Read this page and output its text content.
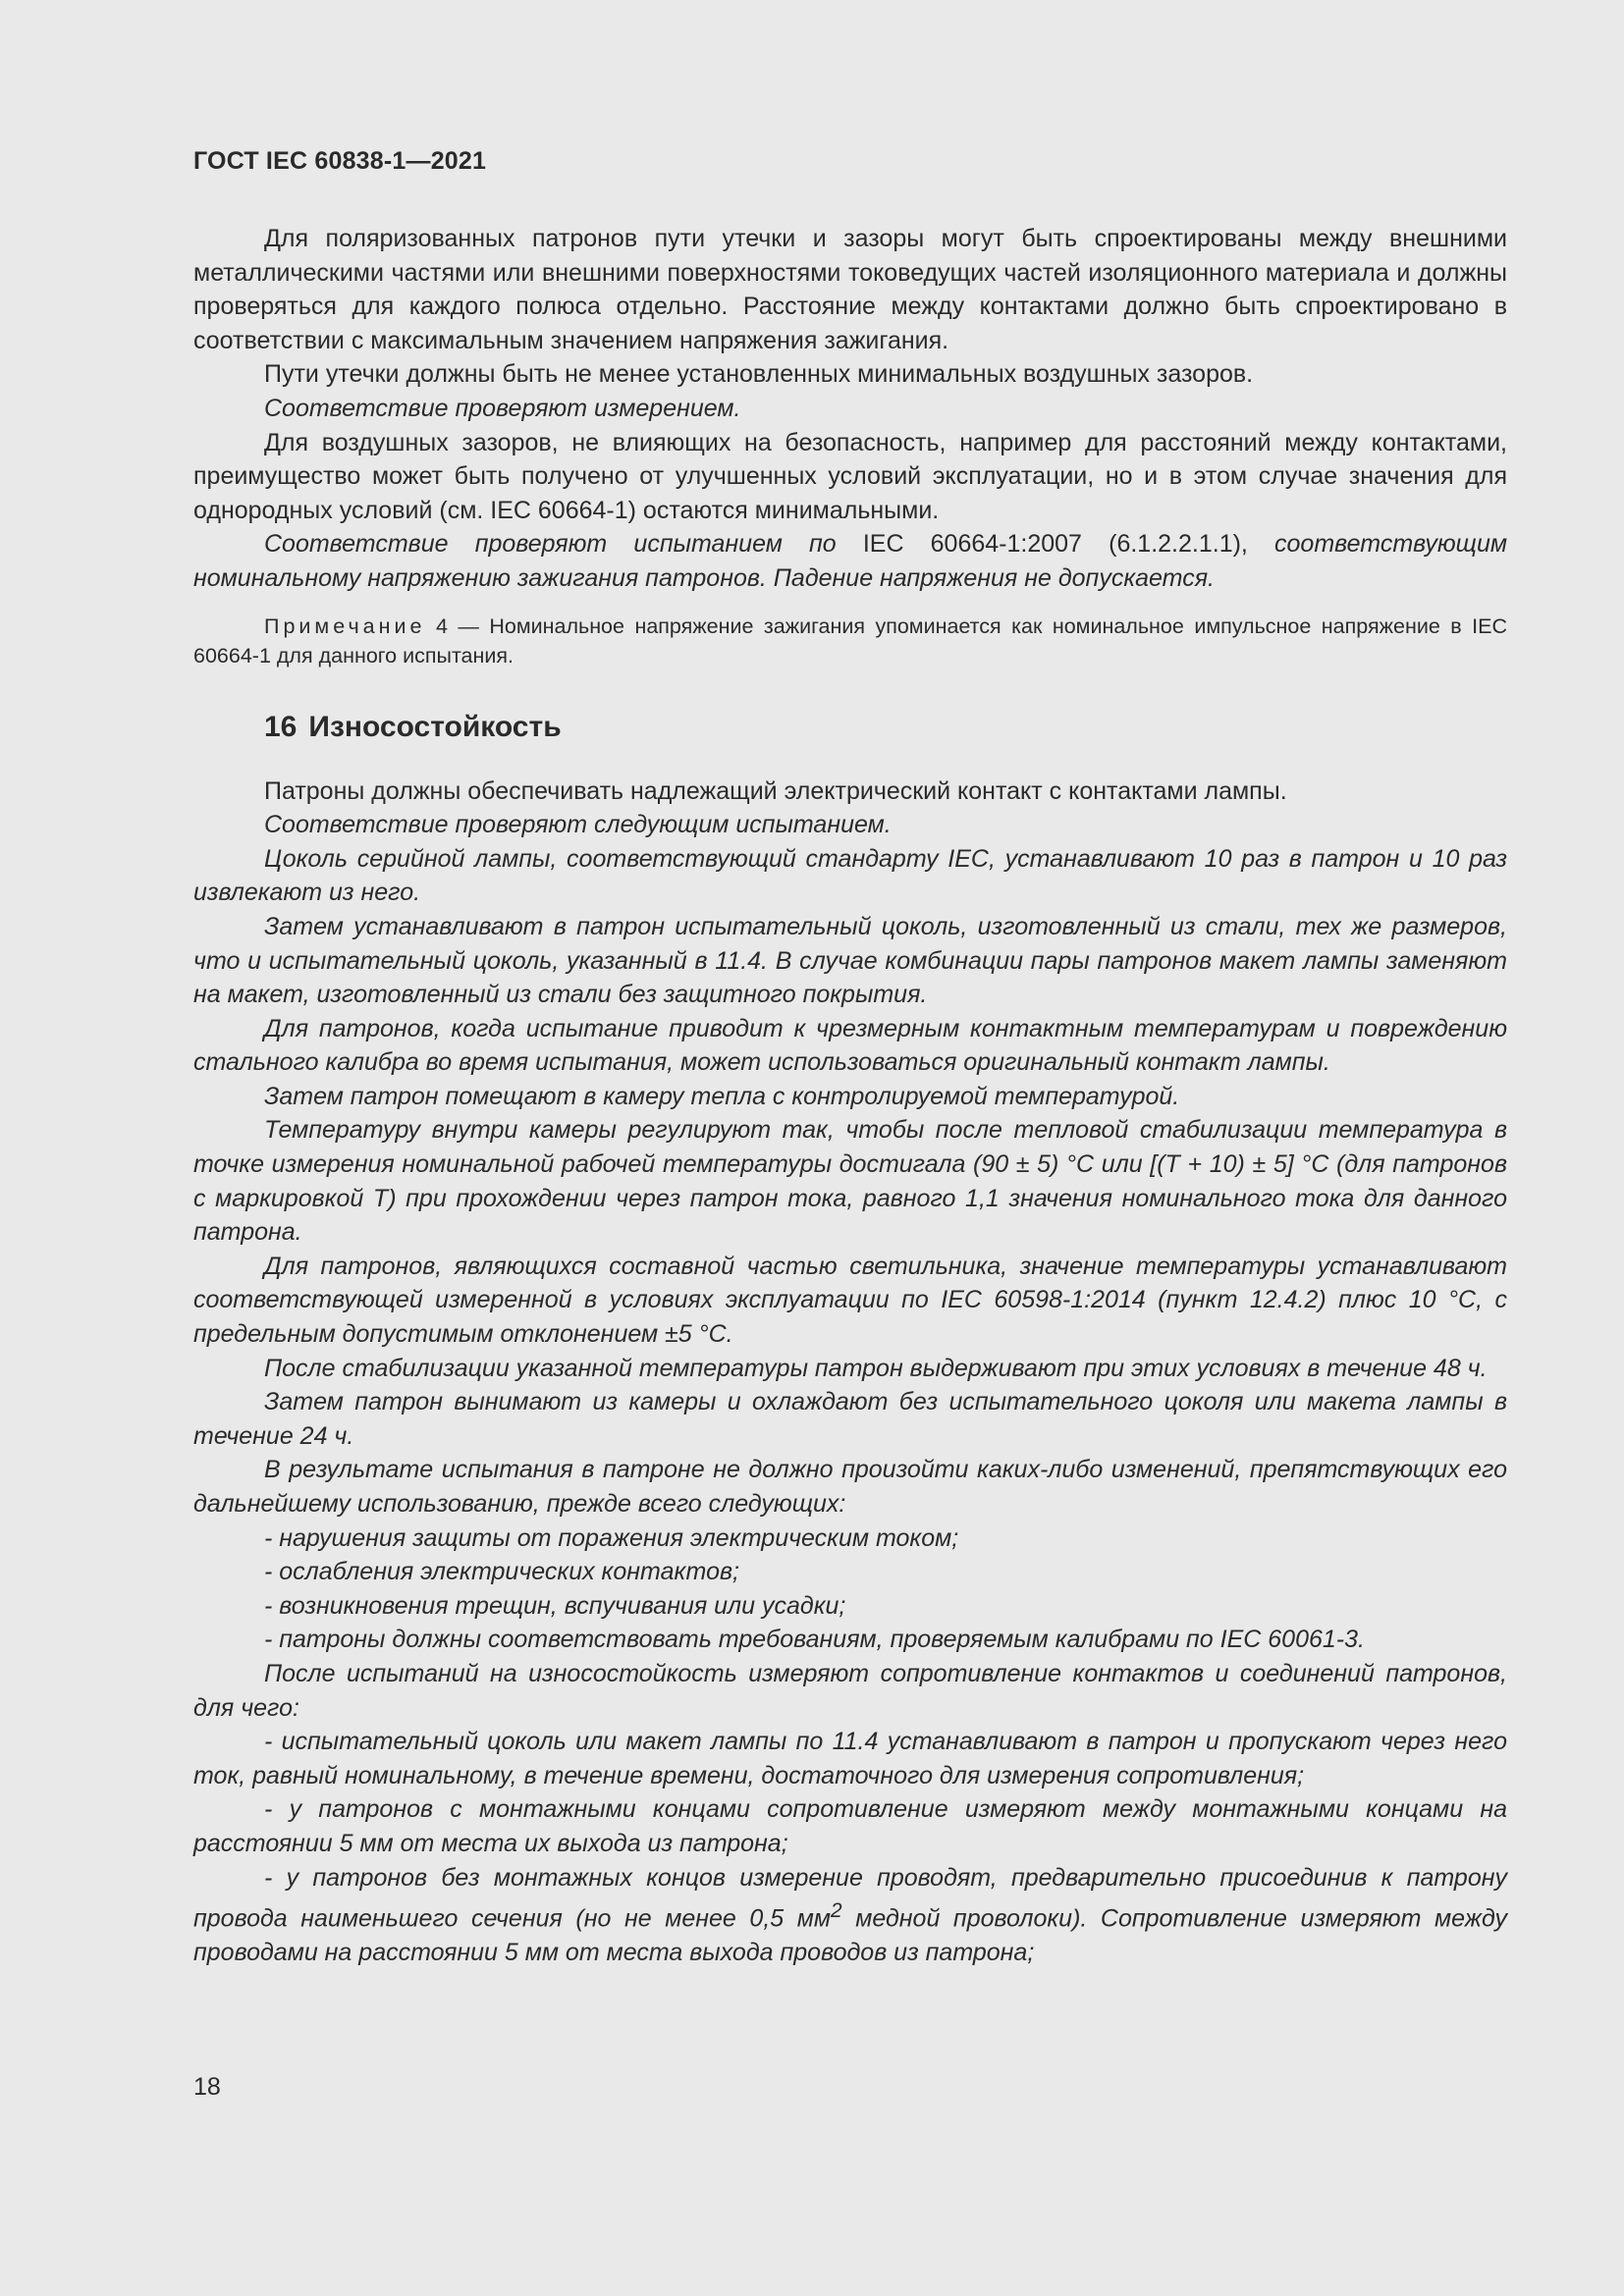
ГОСТ IEC 60838-1—2021

Для поляризованных патронов пути утечки и зазоры могут быть спроектированы между внешними металлическими частями или внешними поверхностями токоведущих частей изоляционного материала и должны проверяться для каждого полюса отдельно. Расстояние между контактами должно быть спроектировано в соответствии с максимальным значением напряжения зажигания.

Пути утечки должны быть не менее установленных минимальных воздушных зазоров.

Соответствие проверяют измерением.

Для воздушных зазоров, не влияющих на безопасность, например для расстояний между контактами, преимущество может быть получено от улучшенных условий эксплуатации, но и в этом случае значения для однородных условий (см. IEC 60664-1) остаются минимальными.

Соответствие проверяют испытанием по IEC 60664-1:2007 (6.1.2.2.1.1), соответствующим номинальному напряжению зажигания патронов. Падение напряжения не допускается.

Примечание 4 — Номинальное напряжение зажигания упоминается как номинальное импульсное напряжение в IEC 60664-1 для данного испытания.

16 Износостойкость

Патроны должны обеспечивать надлежащий электрический контакт с контактами лампы.

Соответствие проверяют следующим испытанием.

Цоколь серийной лампы, соответствующий стандарту IEC, устанавливают 10 раз в патрон и 10 раз извлекают из него.

Затем устанавливают в патрон испытательный цоколь, изготовленный из стали, тех же размеров, что и испытательный цоколь, указанный в 11.4. В случае комбинации пары патронов макет лампы заменяют на макет, изготовленный из стали без защитного покрытия.

Для патронов, когда испытание приводит к чрезмерным контактным температурам и повреждению стального калибра во время испытания, может использоваться оригинальный контакт лампы.

Затем патрон помещают в камеру тепла с контролируемой температурой.

Температуру внутри камеры регулируют так, чтобы после тепловой стабилизации температура в точке измерения номинальной рабочей температуры достигала (90 ± 5) °С или [(T + 10) ± 5] °С (для патронов с маркировкой T) при прохождении через патрон тока, равного 1,1 значения номинального тока для данного патрона.

Для патронов, являющихся составной частью светильника, значение температуры устанавливают соответствующей измеренной в условиях эксплуатации по IEC 60598-1:2014 (пункт 12.4.2) плюс 10 °С, с предельным допустимым отклонением ±5 °С.

После стабилизации указанной температуры патрон выдерживают при этих условиях в течение 48 ч.

Затем патрон вынимают из камеры и охлаждают без испытательного цоколя или макета лампы в течение 24 ч.

В результате испытания в патроне не должно произойти каких-либо изменений, препятствующих его дальнейшему использованию, прежде всего следующих:

- нарушения защиты от поражения электрическим током;

- ослабления электрических контактов;

- возникновения трещин, вспучивания или усадки;

- патроны должны соответствовать требованиям, проверяемым калибрами по IEC 60061-3.

После испытаний на износостойкость измеряют сопротивление контактов и соединений патронов, для чего:

- испытательный цоколь или макет лампы по 11.4 устанавливают в патрон и пропускают через него ток, равный номинальному, в течение времени, достаточного для измерения сопротивления;

- у патронов с монтажными концами сопротивление измеряют между монтажными концами на расстоянии 5 мм от места их выхода из патрона;

- у патронов без монтажных концов измерение проводят, предварительно присоединив к патрону провода наименьшего сечения (но не менее 0,5 $мм^2$ медной проволоки). Сопротивление измеряют между проводами на расстоянии 5 мм от места выхода проводов из патрона;

18
